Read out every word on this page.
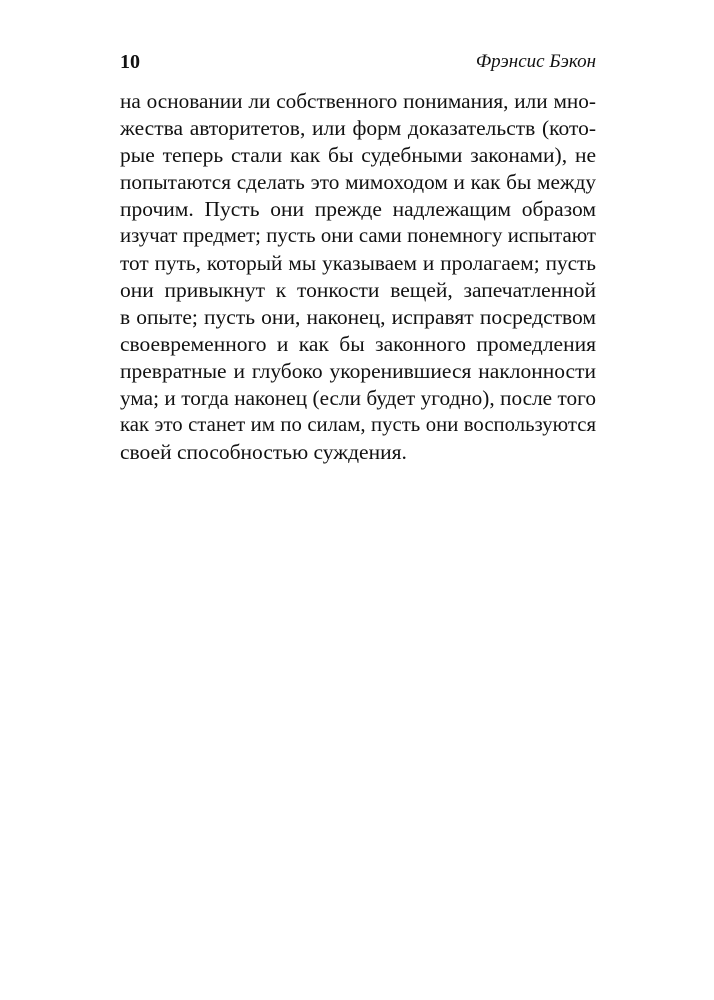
10	Фрэнсис Бэкон
на основании ли собственного понимания, или мно-
жества авторитетов, или форм доказательств (кото-
рые теперь стали как бы судебными законами), не
попытаются сделать это мимоходом и как бы между
прочим. Пусть они прежде надлежащим образом
изучат предмет; пусть они сами понемногу испытают
тот путь, который мы указываем и пролагаем; пусть
они привыкнут к тонкости вещей, запечатленной
в опыте; пусть они, наконец, исправят посредством
своевременного и как бы законного промедления
превратные и глубоко укоренившиеся наклонности
ума; и тогда наконец (если будет угодно), после того
как это станет им по силам, пусть они воспользуются
своей способностью суждения.
